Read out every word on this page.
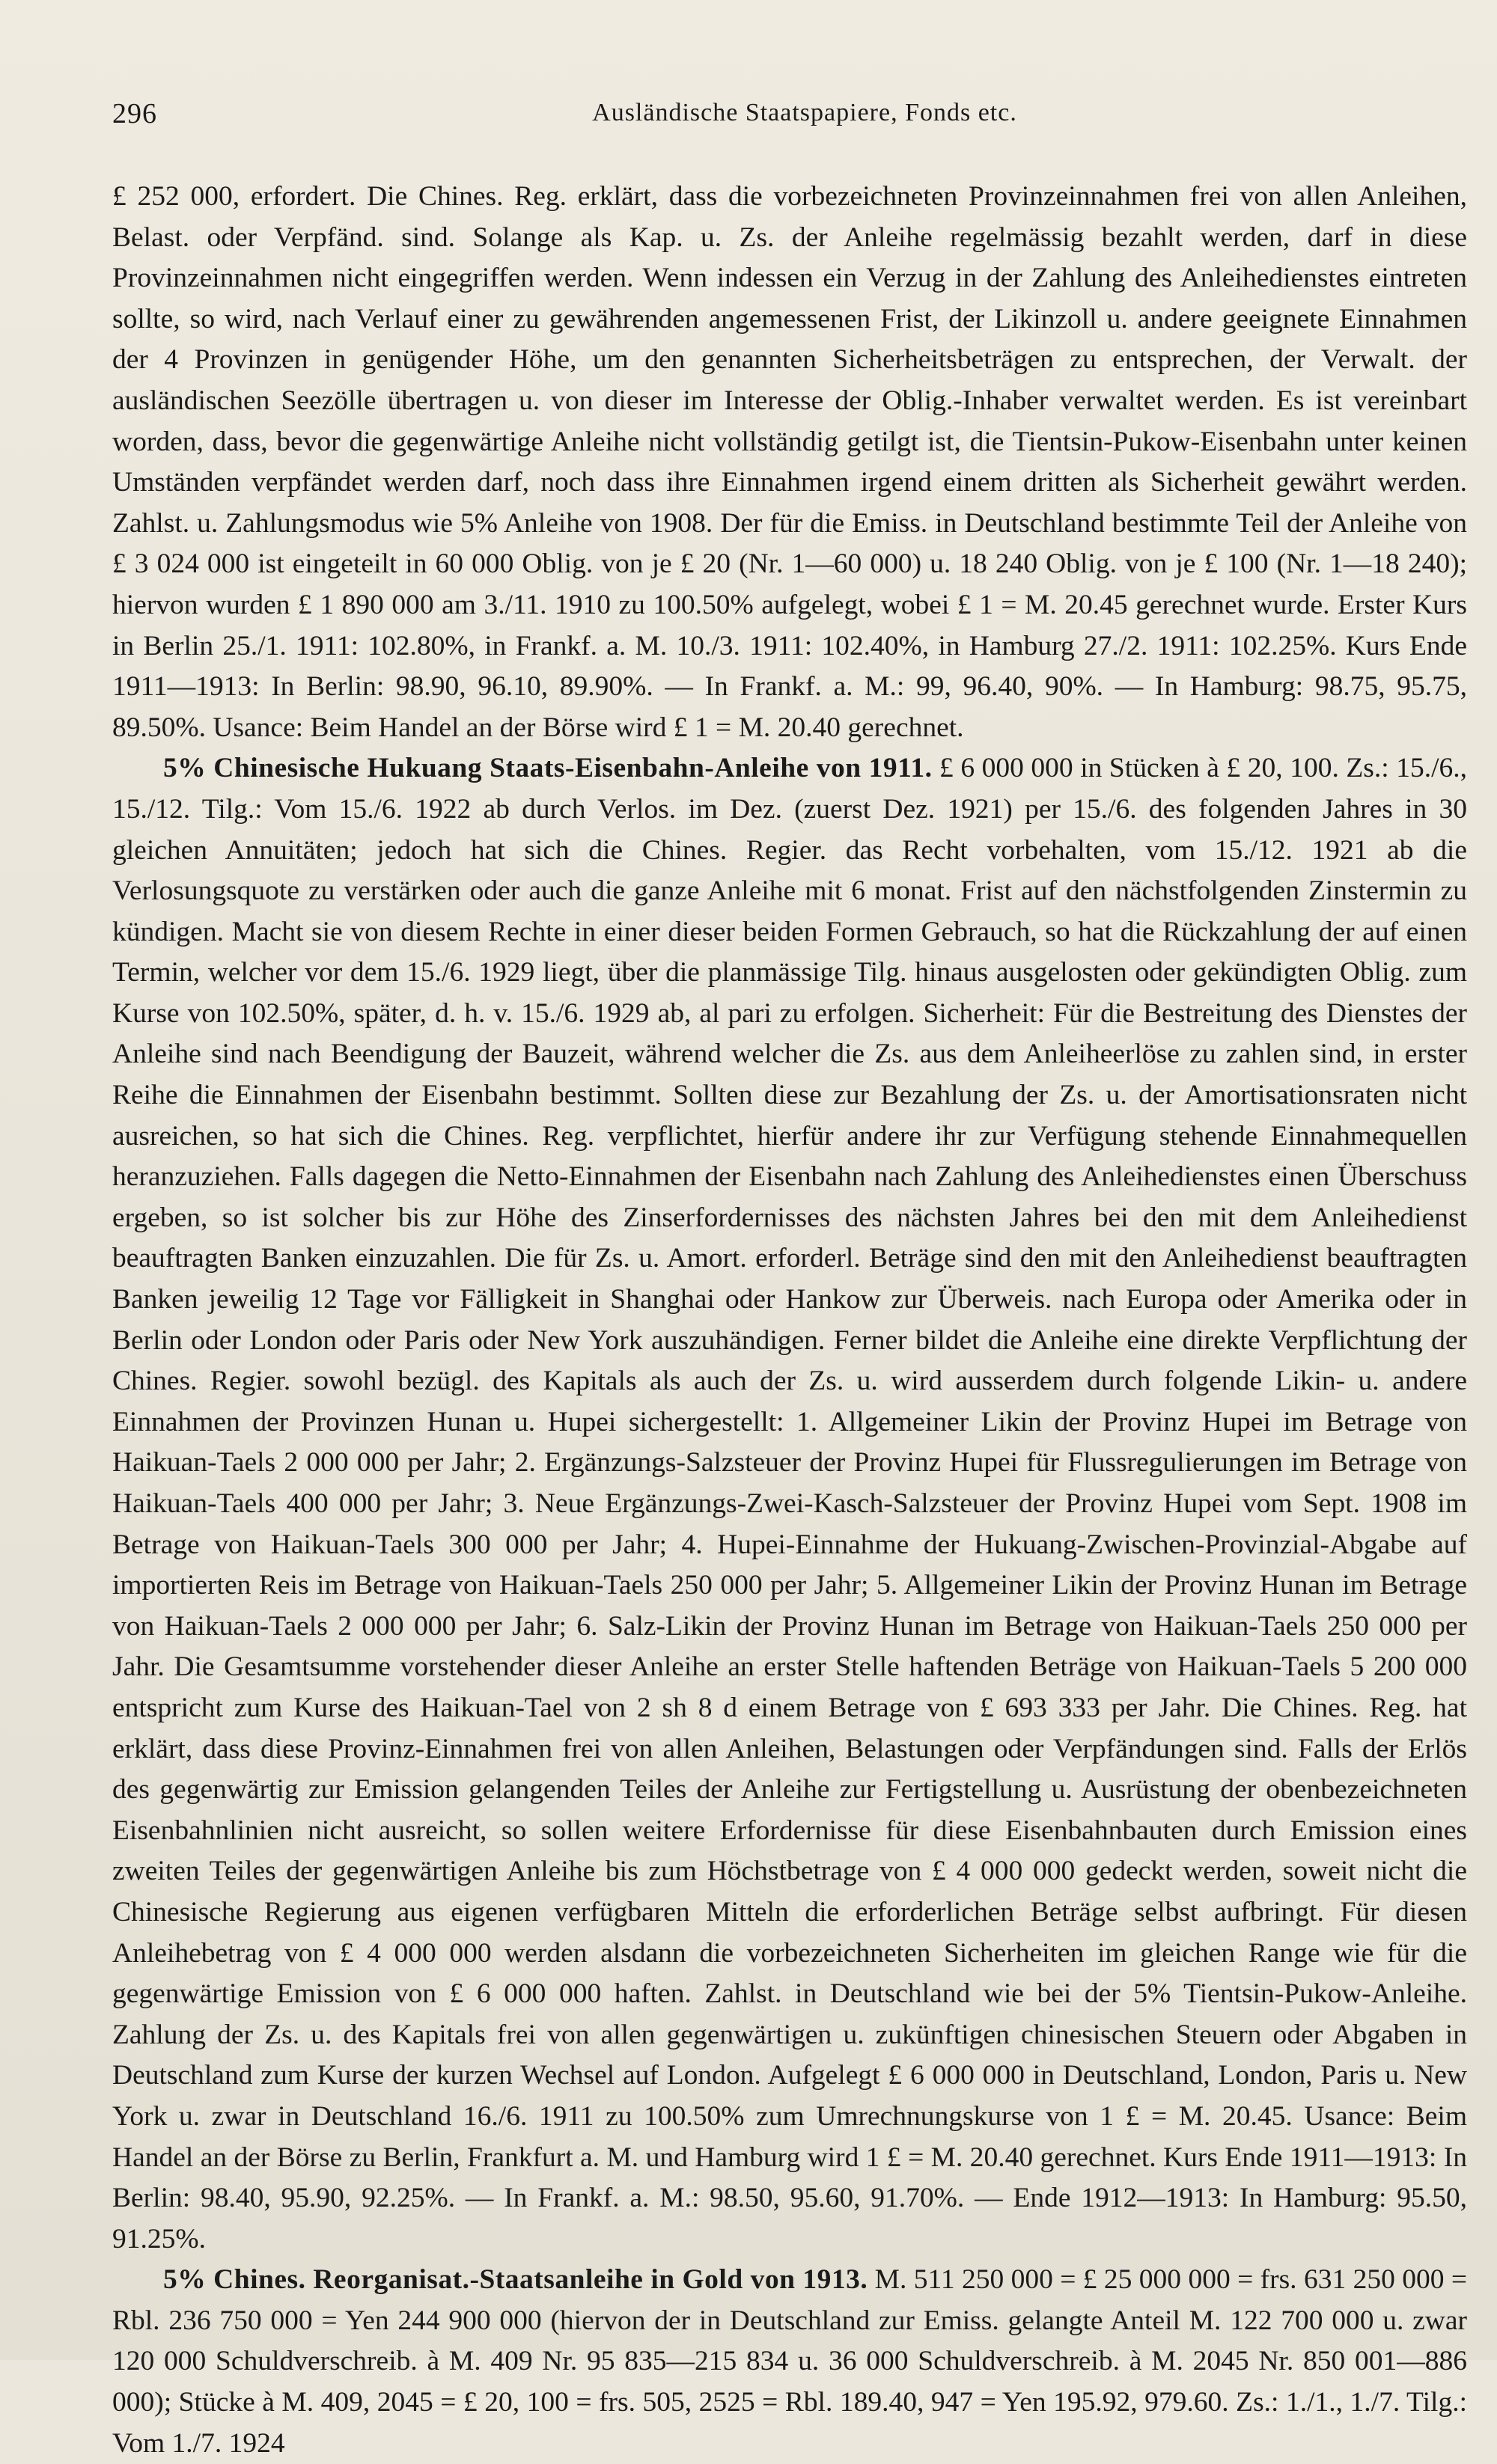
296	Ausländische Staatspapiere, Fonds etc.

£ 252 000, erfordert. Die Chines. Reg. erklärt, dass die vorbezeichneten Provinzeinnahmen frei von allen Anleihen, Belast. oder Verpfänd. sind. Solange als Kap. u. Zs. der Anleihe regelmässig bezahlt werden, darf in diese Provinzeinnahmen nicht eingegriffen werden. Wenn indessen ein Verzug in der Zahlung des Anleihedienstes eintreten sollte, so wird, nach Verlauf einer zu gewährenden angemessenen Frist, der Likinzoll u. andere geeignete Einnahmen der 4 Provinzen in genügender Höhe, um den genannten Sicherheitsbeträgen zu entsprechen, der Verwalt. der ausländischen Seezölle übertragen u. von dieser im Interesse der Oblig.-Inhaber verwaltet werden. Es ist vereinbart worden, dass, bevor die gegenwärtige Anleihe nicht vollständig getilgt ist, die Tientsin-Pukow-Eisenbahn unter keinen Umständen verpfändet werden darf, noch dass ihre Einnahmen irgend einem dritten als Sicherheit gewährt werden. Zahlst. u. Zahlungsmodus wie 5% Anleihe von 1908. Der für die Emiss. in Deutschland bestimmte Teil der Anleihe von £ 3 024 000 ist eingeteilt in 60 000 Oblig. von je £ 20 (Nr. 1—60 000) u. 18 240 Oblig. von je £ 100 (Nr. 1—18 240); hiervon wurden £ 1 890 000 am 3./11. 1910 zu 100.50% aufgelegt, wobei £ 1 = M. 20.45 gerechnet wurde. Erster Kurs in Berlin 25./1. 1911: 102.80%, in Frankf. a. M. 10./3. 1911: 102.40%, in Hamburg 27./2. 1911: 102.25%. Kurs Ende 1911—1913: In Berlin: 98.90, 96.10, 89.90%. — In Frankf. a. M.: 99, 96.40, 90%. — In Hamburg: 98.75, 95.75, 89.50%. Usance: Beim Handel an der Börse wird £ 1 = M. 20.40 gerechnet.

5% Chinesische Hukuang Staats-Eisenbahn-Anleihe von 1911. £ 6 000 000 in Stücken à £ 20, 100. Zs.: 15./6., 15./12. Tilg.: Vom 15./6. 1922 ab durch Verlos. im Dez. (zuerst Dez. 1921) per 15./6. des folgenden Jahres in 30 gleichen Annuitäten; jedoch hat sich die Chines. Regier. das Recht vorbehalten, vom 15./12. 1921 ab die Verlosungsquote zu verstärken oder auch die ganze Anleihe mit 6 monat. Frist auf den nächstfolgenden Zinstermin zu kündigen. Macht sie von diesem Rechte in einer dieser beiden Formen Gebrauch, so hat die Rückzahlung der auf einen Termin, welcher vor dem 15./6. 1929 liegt, über die planmässige Tilg. hinaus ausgelosten oder gekündigten Oblig. zum Kurse von 102.50%, später, d. h. v. 15./6. 1929 ab, al pari zu erfolgen. Sicherheit: Für die Bestreitung des Dienstes der Anleihe sind nach Beendigung der Bauzeit, während welcher die Zs. aus dem Anleiheerlöse zu zahlen sind, in erster Reihe die Einnahmen der Eisenbahn bestimmt. Sollten diese zur Bezahlung der Zs. u. der Amortisationsraten nicht ausreichen, so hat sich die Chines. Reg. verpflichtet, hierfür andere ihr zur Verfügung stehende Einnahmequellen heranzuziehen. Falls dagegen die Netto-Einnahmen der Eisenbahn nach Zahlung des Anleihedienstes einen Überschuss ergeben, so ist solcher bis zur Höhe des Zinserfordernisses des nächsten Jahres bei den mit dem Anleihedienst beauftragten Banken einzuzahlen. Die für Zs. u. Amort. erforderl. Beträge sind den mit den Anleihedienst beauftragten Banken jeweilig 12 Tage vor Fälligkeit in Shanghai oder Hankow zur Überweis. nach Europa oder Amerika oder in Berlin oder London oder Paris oder New York auszuhändigen. Ferner bildet die Anleihe eine direkte Verpflichtung der Chines. Regier. sowohl bezügl. des Kapitals als auch der Zs. u. wird ausserdem durch folgende Likin- u. andere Einnahmen der Provinzen Hunan u. Hupei sichergestellt: 1. Allgemeiner Likin der Provinz Hupei im Betrage von Haikuan-Taels 2 000 000 per Jahr; 2. Ergänzungs-Salzsteuer der Provinz Hupei für Flussregulierungen im Betrage von Haikuan-Taels 400 000 per Jahr; 3. Neue Ergänzungs-Zwei-Kasch-Salzsteuer der Provinz Hupei vom Sept. 1908 im Betrage von Haikuan-Taels 300 000 per Jahr; 4. Hupei-Einnahme der Hukuang-Zwischen-Provinzial-Abgabe auf importierten Reis im Betrage von Haikuan-Taels 250 000 per Jahr; 5. Allgemeiner Likin der Provinz Hunan im Betrage von Haikuan-Taels 2 000 000 per Jahr; 6. Salz-Likin der Provinz Hunan im Betrage von Haikuan-Taels 250 000 per Jahr. Die Gesamtsumme vorstehender dieser Anleihe an erster Stelle haftenden Beträge von Haikuan-Taels 5 200 000 entspricht zum Kurse des Haikuan-Tael von 2 sh 8 d einem Betrage von £ 693 333 per Jahr. Die Chines. Reg. hat erklärt, dass diese Provinz-Einnahmen frei von allen Anleihen, Belastungen oder Verpfändungen sind. Falls der Erlös des gegenwärtig zur Emission gelangenden Teiles der Anleihe zur Fertigstellung u. Ausrüstung der obenbezeichneten Eisenbahnlinien nicht ausreicht, so sollen weitere Erfordernisse für diese Eisenbahnbauten durch Emission eines zweiten Teiles der gegenwärtigen Anleihe bis zum Höchstbetrage von £ 4 000 000 gedeckt werden, soweit nicht die Chinesische Regierung aus eigenen verfügbaren Mitteln die erforderlichen Beträge selbst aufbringt. Für diesen Anleihebetrag von £ 4 000 000 werden alsdann die vorbezeichneten Sicherheiten im gleichen Range wie für die gegenwärtige Emission von £ 6 000 000 haften. Zahlst. in Deutschland wie bei der 5% Tientsin-Pukow-Anleihe. Zahlung der Zs. u. des Kapitals frei von allen gegenwärtigen u. zukünftigen chinesischen Steuern oder Abgaben in Deutschland zum Kurse der kurzen Wechsel auf London. Aufgelegt £ 6 000 000 in Deutschland, London, Paris u. New York u. zwar in Deutschland 16./6. 1911 zu 100.50% zum Umrechnungskurse von 1 £ = M. 20.45. Usance: Beim Handel an der Börse zu Berlin, Frankfurt a. M. und Hamburg wird 1 £ = M. 20.40 gerechnet. Kurs Ende 1911—1913: In Berlin: 98.40, 95.90, 92.25%. — In Frankf. a. M.: 98.50, 95.60, 91.70%. — Ende 1912—1913: In Hamburg: 95.50, 91.25%.

5% Chines. Reorganisat.-Staatsanleihe in Gold von 1913. M. 511 250 000 = £ 25 000 000 = frs. 631 250 000 = Rbl. 236 750 000 = Yen 244 900 000 (hiervon der in Deutschland zur Emiss. gelangte Anteil M. 122 700 000 u. zwar 120 000 Schuldverschreib. à M. 409 Nr. 95 835—215 834 u. 36 000 Schuldverschreib. à M. 2045 Nr. 850 001—886 000); Stücke à M. 409, 2045 = £ 20, 100 = frs. 505, 2525 = Rbl. 189.40, 947 = Yen 195.92, 979.60. Zs.: 1./1., 1./7. Tilg.: Vom 1./7. 1924
